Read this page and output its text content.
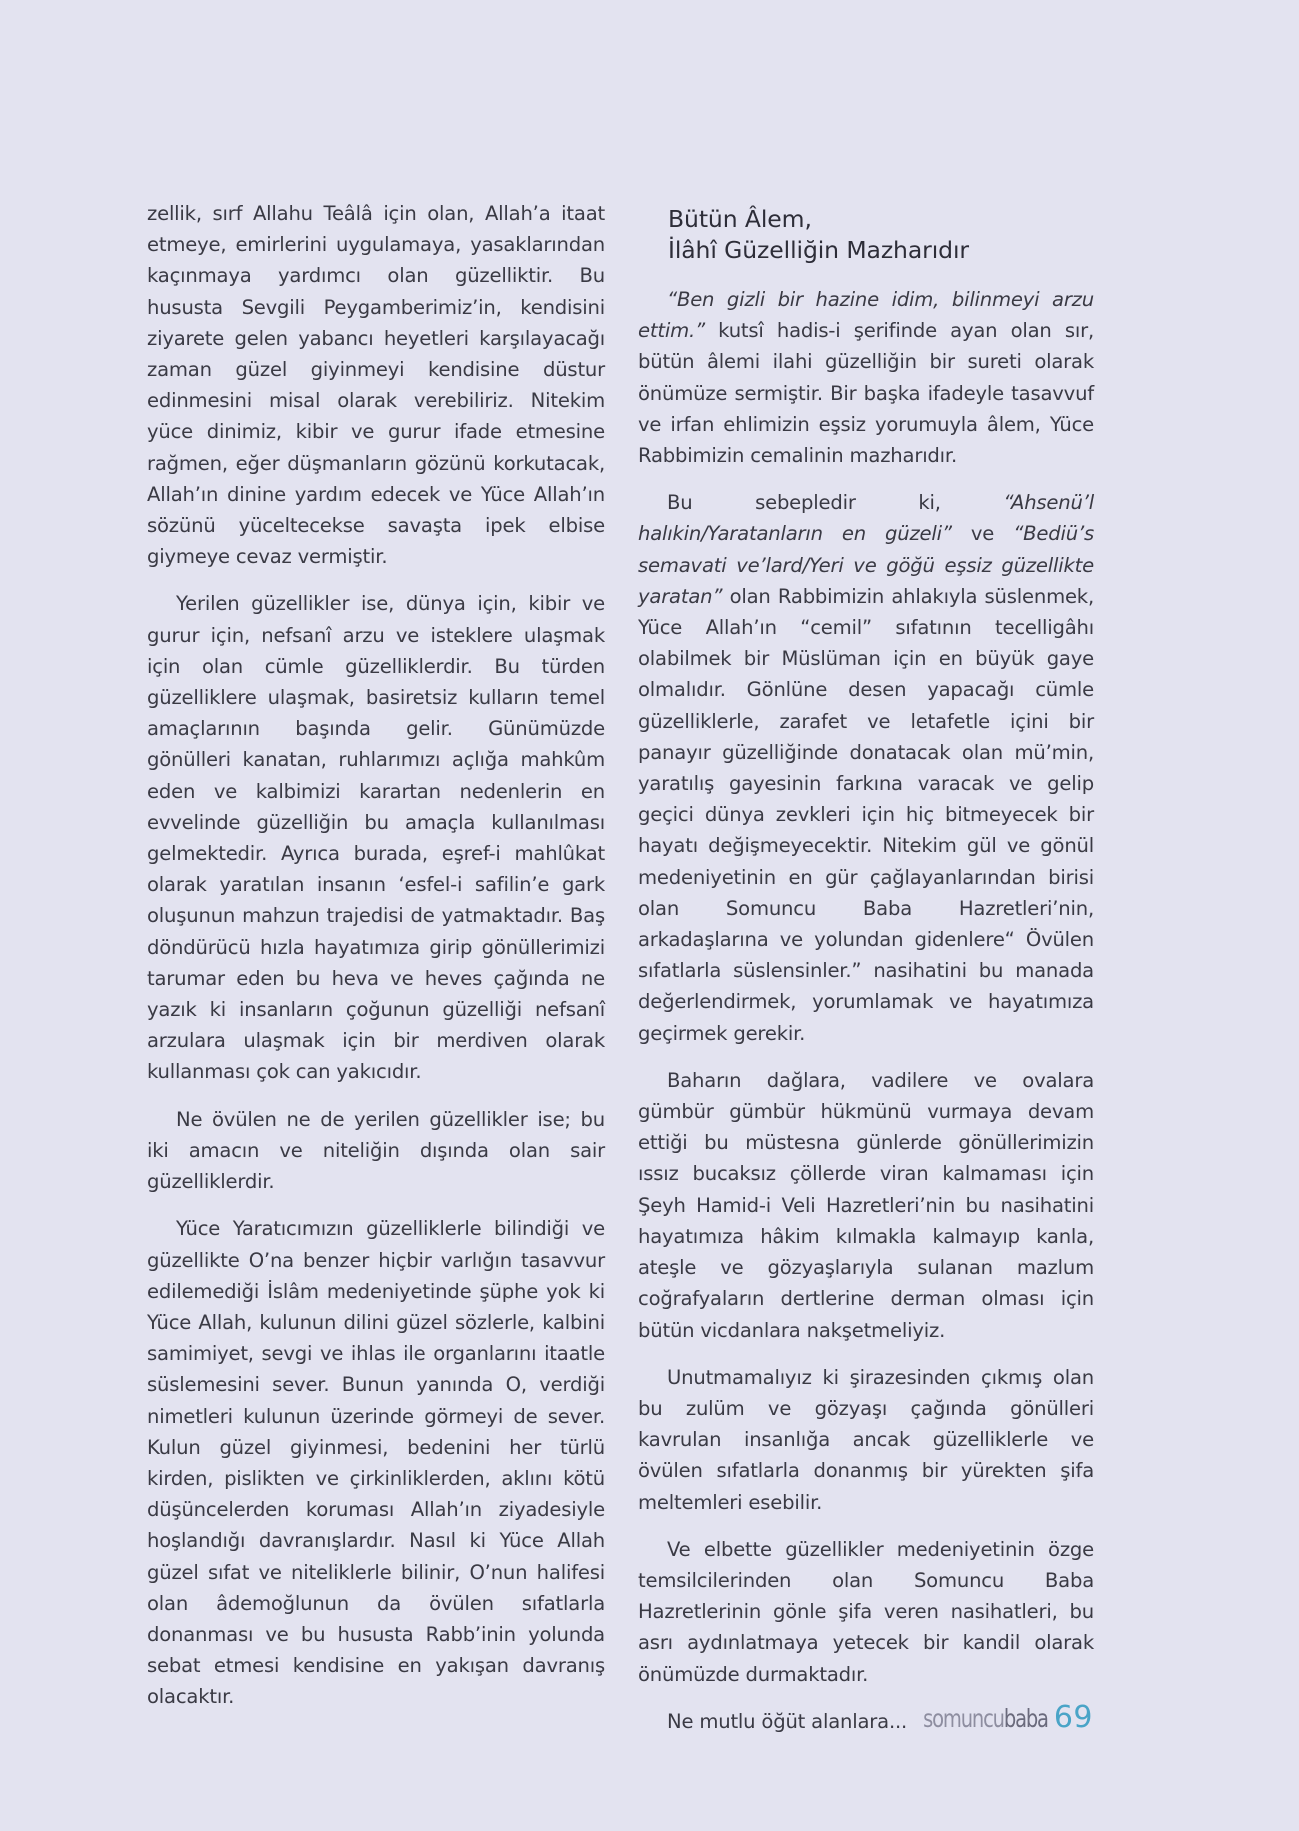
zellik, sırf Allahu Teâlâ için olan, Allah’a itaat etmeye, emirlerini uygulamaya, yasaklarından kaçınmaya yardımcı olan güzelliktir. Bu hususta Sevgili Peygamberimiz’in, kendisini ziyarete gelen yabancı heyetleri karşılayacağı zaman güzel giyinmeyi kendisine düstur edinmesini misal olarak verebiliriz. Nitekim yüce dinimiz, kibir ve gurur ifade etmesine rağmen, eğer düşmanların gözünü korkutacak, Allah’ın dinine yardım edecek ve Yüce Allah’ın sözünü yüceltecekse savaşta ipek elbise giymeye cevaz vermiştir.

Yerilen güzellikler ise, dünya için, kibir ve gurur için, nefsanî arzu ve isteklere ulaşmak için olan cümle güzelliklerdir. Bu türden güzelliklere ulaşmak, basiretsiz kulların temel amaçlarının başında gelir. Günümüzde gönülleri kanatan, ruhlarımızı açlığa mahkûm eden ve kalbimizi karartan nedenlerin en evvelinde güzelliğin bu amaçla kullanılması gelmektedir. Ayrıca burada, eşref-i mahlûkat olarak yaratılan insanın ‘esfel-i safilin’e gark oluşunun mahzun trajedisi de yatmaktadır. Baş döndürücü hızla hayatımıza girip gönüllerimizi tarumar eden bu heva ve heves çağında ne yazık ki insanların çoğunun güzelliği nefsanî arzulara ulaşmak için bir merdiven olarak kullanması çok can yakıcıdır.

Ne övülen ne de yerilen güzellikler ise; bu iki amacın ve niteliğin dışında olan sair güzelliklerdir.

Yüce Yaratıcımızın güzelliklerle bilindiği ve güzellikte O’na benzer hiçbir varlığın tasavvur edilemediği İslâm medeniyetinde şüphe yok ki Yüce Allah, kulunun dilini güzel sözlerle, kalbini samimiyet, sevgi ve ihlas ile organlarını itaatle süslemesini sever. Bunun yanında O, verdiği nimetleri kulunun üzerinde görmeyi de sever. Kulun güzel giyinmesi, bedenini her türlü kirden, pislikten ve çirkinliklerden, aklını kötü düşüncelerden koruması Allah’ın ziyadesiyle hoşlandığı davranışlardır. Nasıl ki Yüce Allah güzel sıfat ve niteliklerle bilinir, O’nun halifesi olan âdemoğlunun da övülen sıfatlarla donanması ve bu hususta Rabb’inin yolunda sebat etmesi kendisine en yakışan davranış olacaktır.

Bütün Âlem,
İlâhî Güzelliğin Mazharıdır

“Ben gizli bir hazine idim, bilinmeyi arzu ettim.” kutsî hadis-i şerifinde ayan olan sır, bütün âlemi ilahi güzelliğin bir sureti olarak önümüze sermiştir. Bir başka ifadeyle tasavvuf ve irfan ehlimizin eşsiz yorumuyla âlem, Yüce Rabbimizin cemalinin mazharıdır.

Bu sebepledir ki, “Ahsenü’l halıkin/Yaratanların en güzeli” ve “Bediü’s semavati ve’lard/Yeri ve göğü eşsiz güzellikte yaratan” olan Rabbimizin ahlakıyla süslenmek, Yüce Allah’ın “cemil” sıfatının tecelligâhı olabilmek bir Müslüman için en büyük gaye olmalıdır. Gönlüne desen yapacağı cümle güzelliklerle, zarafet ve letafetle içini bir panayır güzelliğinde donatacak olan mü’min, yaratılış gayesinin farkına varacak ve gelip geçici dünya zevkleri için hiç bitmeyecek bir hayatı değişmeyecektir. Nitekim gül ve gönül medeniyetinin en gür çağlayanlarından birisi olan Somuncu Baba Hazretleri’nin, arkadaşlarına ve yolundan gidenlere“ Övülen sıfatlarla süslensinler.” nasihatini bu manada değerlendirmek, yorumlamak ve hayatımıza geçirmek gerekir.

Baharın dağlara, vadilere ve ovalara gümbür gümbür hükmünü vurmaya devam ettiği bu müstesna günlerde gönüllerimizin ıssız bucaksız çöllerde viran kalmaması için Şeyh Hamid-i Veli Hazretleri’nin bu nasihatini hayatımıza hâkim kılmakla kalmayıp kanla, ateşle ve gözyaşlarıyla sulanan mazlum coğrafyaların dertlerine derman olması için bütün vicdanlara nakşetmeliyiz.

Unutmamalıyız ki şirazesinden çıkmış olan bu zulüm ve gözyaşı çağında gönülleri kavrulan insanlığa ancak güzelliklerle ve övülen sıfatlarla donanmış bir yürekten şifa meltemleri esebilir.

Ve elbette güzellikler medeniyetinin özge temsilcilerinden olan Somuncu Baba Hazretlerinin gönle şifa veren nasihatleri, bu asrı aydınlatmaya yetecek bir kandil olarak önümüzde durmaktadır.

Ne mutlu öğüt alanlara... somuncubaba 69
